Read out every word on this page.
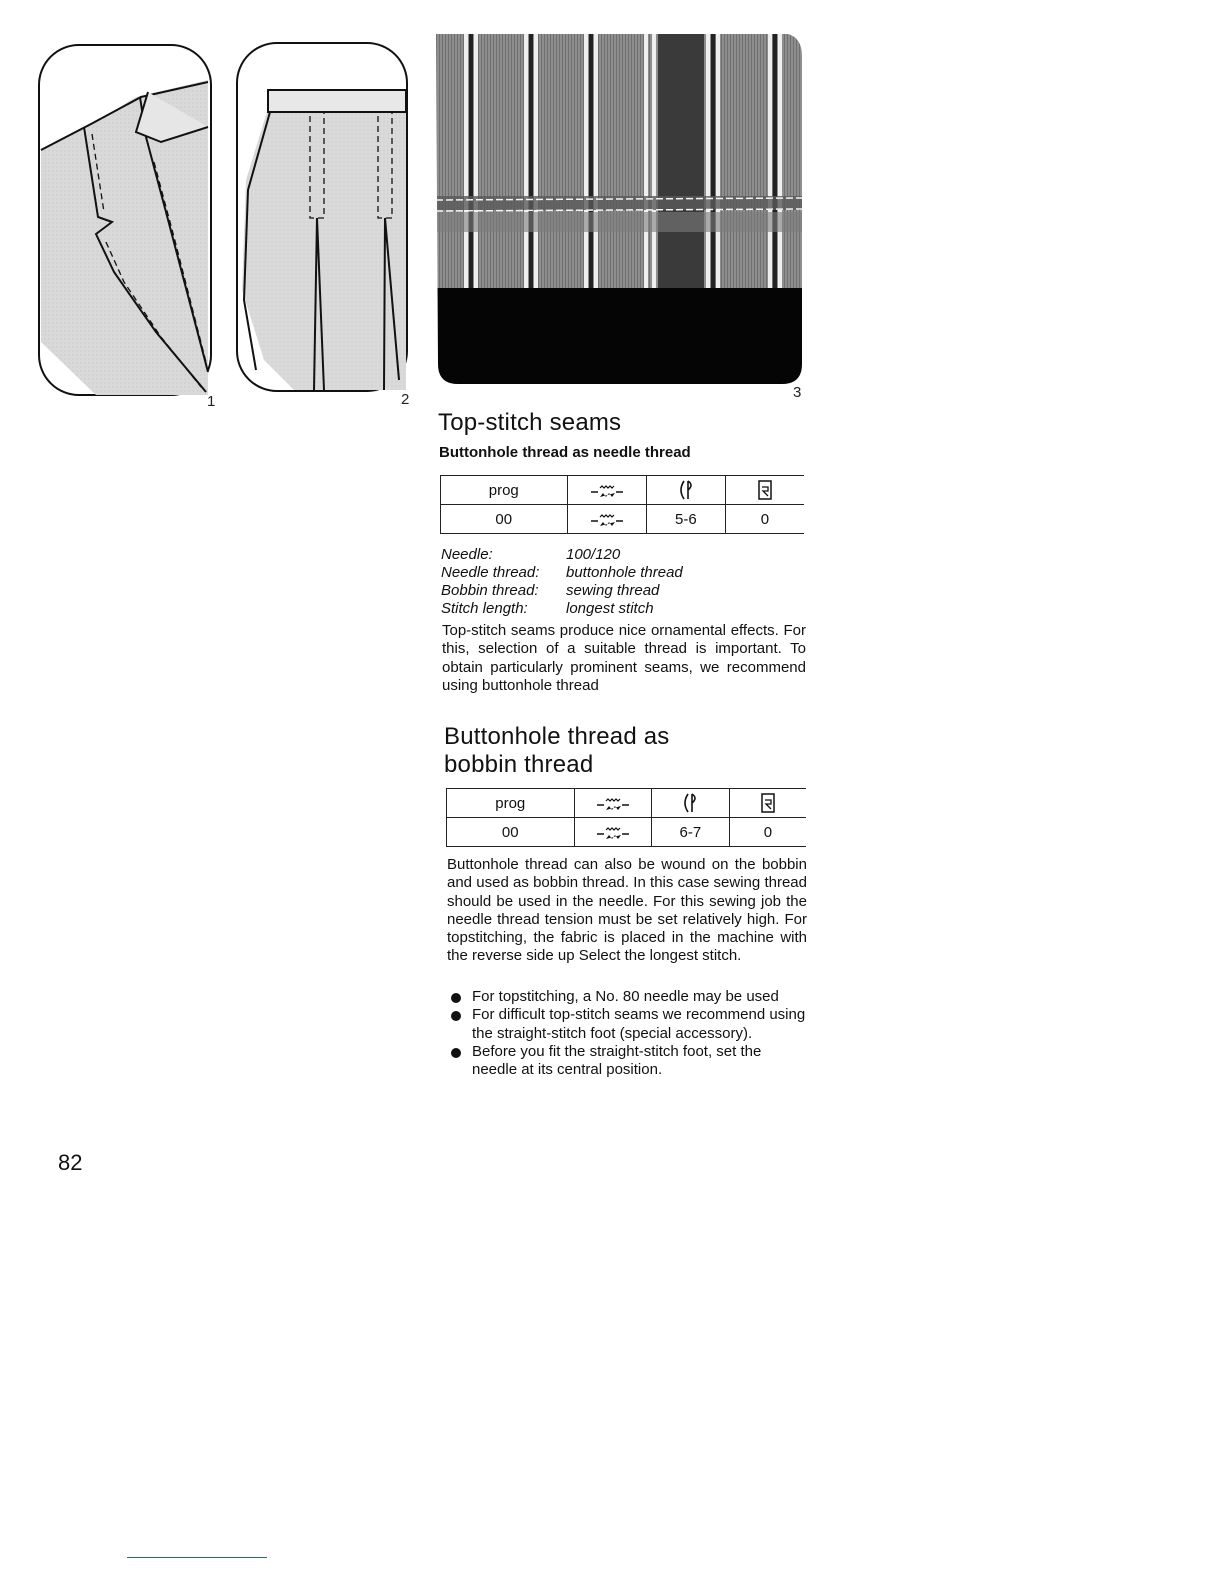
1	2	3
Top-stitch seams
Buttonhole thread as needle thread
prog			
00		5-6	0
Needle:	100/120
Needle thread:	buttonhole thread
Bobbin thread:	sewing thread
Stitch length:	longest stitch
Top-stitch seams produce nice ornamental effects. For this, selection of a suitable thread is important. To obtain particularly prominent seams, we recommend using buttonhole thread
Buttonhole thread as
bobbin thread
prog			
00		6-7	0
Buttonhole thread can also be wound on the bobbin and used as bobbin thread. In this case sewing thread should be used in the needle. For this sewing job the needle thread tension must be set relatively high. For topstitching, the fabric is placed in the machine with the reverse side up Select the longest stitch.
For topstitching, a No. 80 needle may be used
For difficult top-stitch seams we recommend using the straight-stitch foot (special accessory).
Before you fit the straight-stitch foot, set the needle at its central position.
82
